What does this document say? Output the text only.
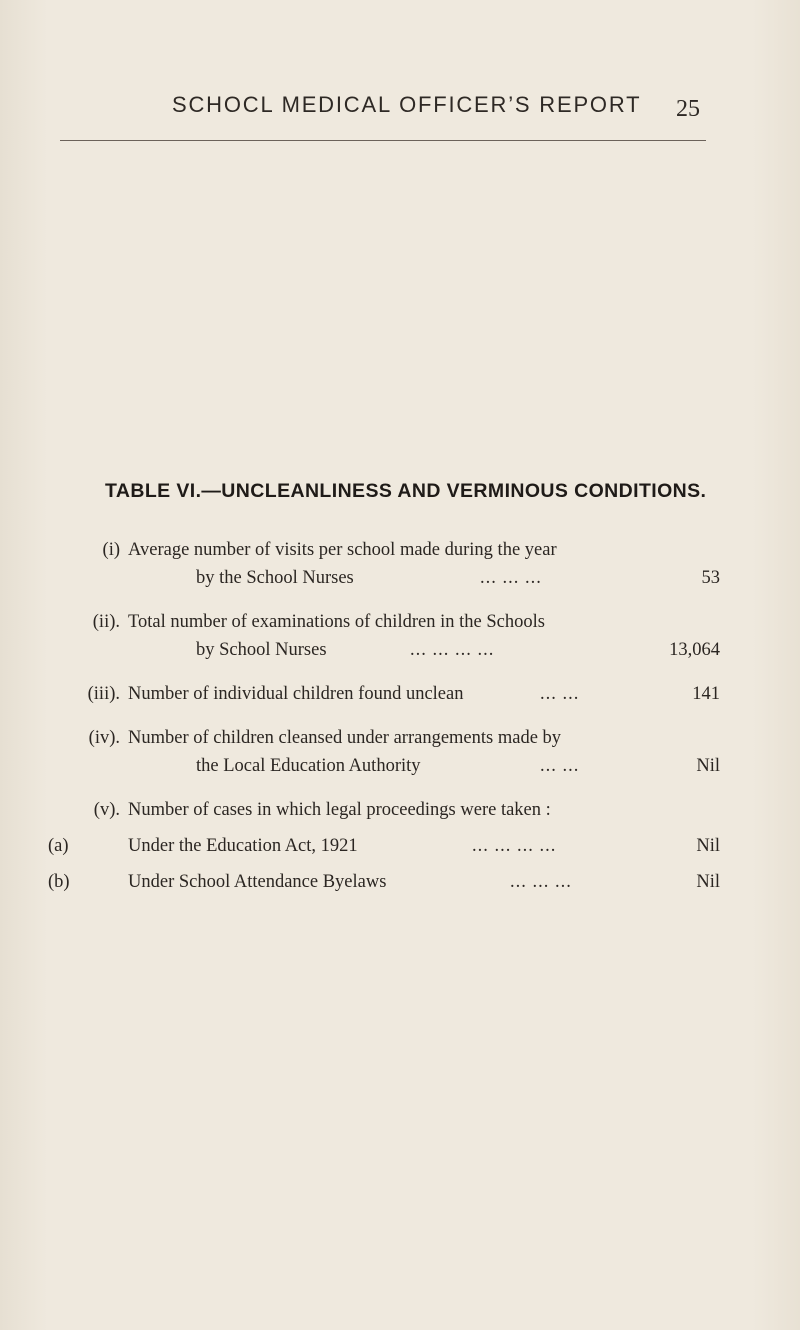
SCHOCL MEDICAL OFFICER’S REPORT 25
TABLE VI.—UNCLEANLINESS AND VERMINOUS CONDITIONS.
(i) Average number of visits per school made during the year
by the School Nurses	... ... ...	53
(ii). Total number of examinations of children in the Schools
by School Nurses	... ... ... ...	13,064
(iii). Number of individual children found unclean	... ...	141
(iv). Number of children cleansed under arrangements made by
the Local Education Authority	... ...	Nil
(v). Number of cases in which legal proceedings were taken :
(a)	Under the Education Act, 1921	... ... ... ...	Nil
(b)	Under School Attendance Byelaws	... ... ...	Nil
